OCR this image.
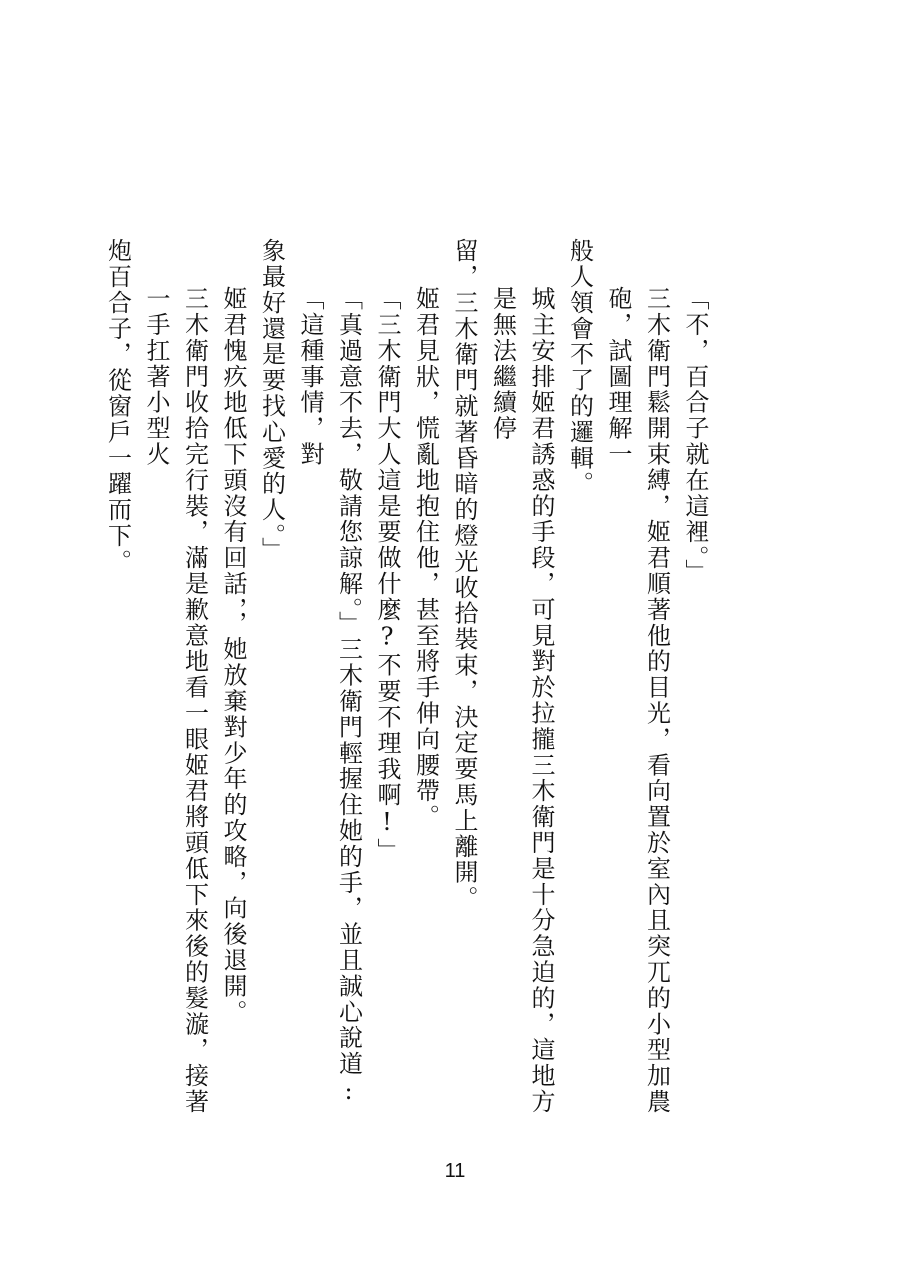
「不，百合子就在這裡。」
三木衛門鬆開束縛，姬君順著他的目光，看向置於室內且突兀的小型加農砲，試圖理解一
般人領會不了的邏輯。
城主安排姬君誘惑的手段，可見對於拉攏三木衛門是十分急迫的，這地方是無法繼續停
留，三木衛門就著昏暗的燈光收拾裝束，決定要馬上離開。
姬君見狀，慌亂地抱住他，甚至將手伸向腰帶。
「三木衛門大人這是要做什麼?不要不理我啊!」
「真過意不去，敬請您諒解。」三木衛門輕握住她的手，並且誠心說道:「這種事情，對
象最好還是要找心愛的人。」
姬君愧疚地低下頭沒有回話，，她放棄對少年的攻略，向後退開。
三木衛門收拾完行裝，滿是歉意地看一眼姬君將頭低下來後的髮漩，接著一手扛著小型火
炮百合子，從窗戶一躍而下。
11
